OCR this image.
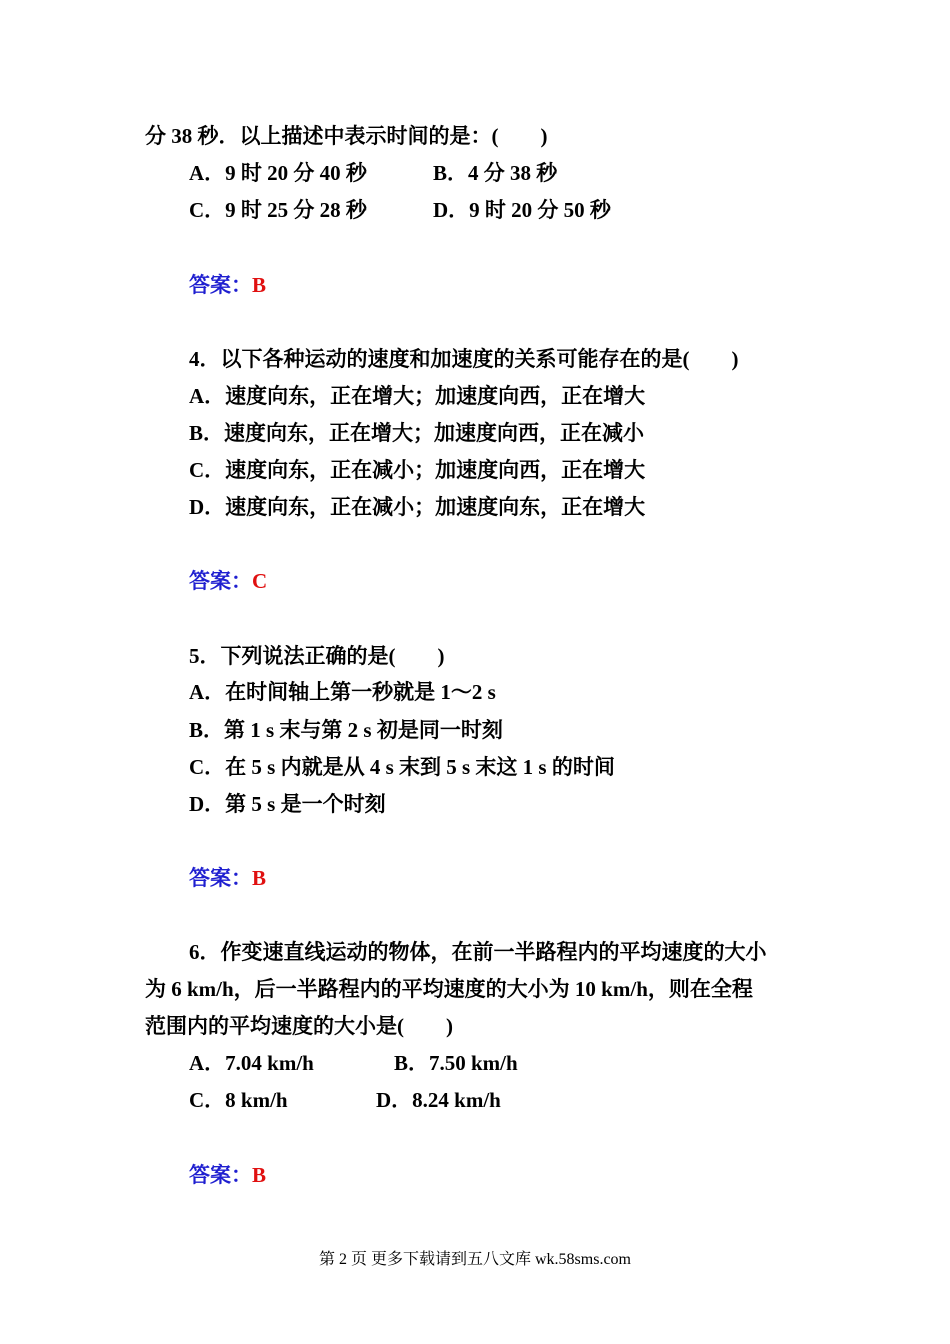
分 38 秒．以上描述中表示时间的是：(　　)
A．9 时 20 分 40 秒	B．4 分 38 秒
C．9 时 25 分 28 秒	D．9 时 20 分 50 秒
答案：B
4．以下各种运动的速度和加速度的关系可能存在的是(　　)
A．速度向东，正在增大；加速度向西，正在增大
B．速度向东，正在增大；加速度向西，正在减小
C．速度向东，正在减小；加速度向西，正在增大
D．速度向东，正在减小；加速度向东，正在增大
答案：C
5．下列说法正确的是(　　)
A．在时间轴上第一秒就是 1～2 s
B．第 1 s 末与第 2 s 初是同一时刻
C．在 5 s 内就是从 4 s 末到 5 s 末这 1 s 的时间
D．第 5 s 是一个时刻
答案：B
6．作变速直线运动的物体，在前一半路程内的平均速度的大小
为 6 km/h，后一半路程内的平均速度的大小为 10 km/h，则在全程
范围内的平均速度的大小是(　　)
A．7.04 km/h	B．7.50 km/h
C．8 km/h	D．8.24 km/h
答案：B
第 2 页 更多下载请到五八文库 wk.58sms.com
